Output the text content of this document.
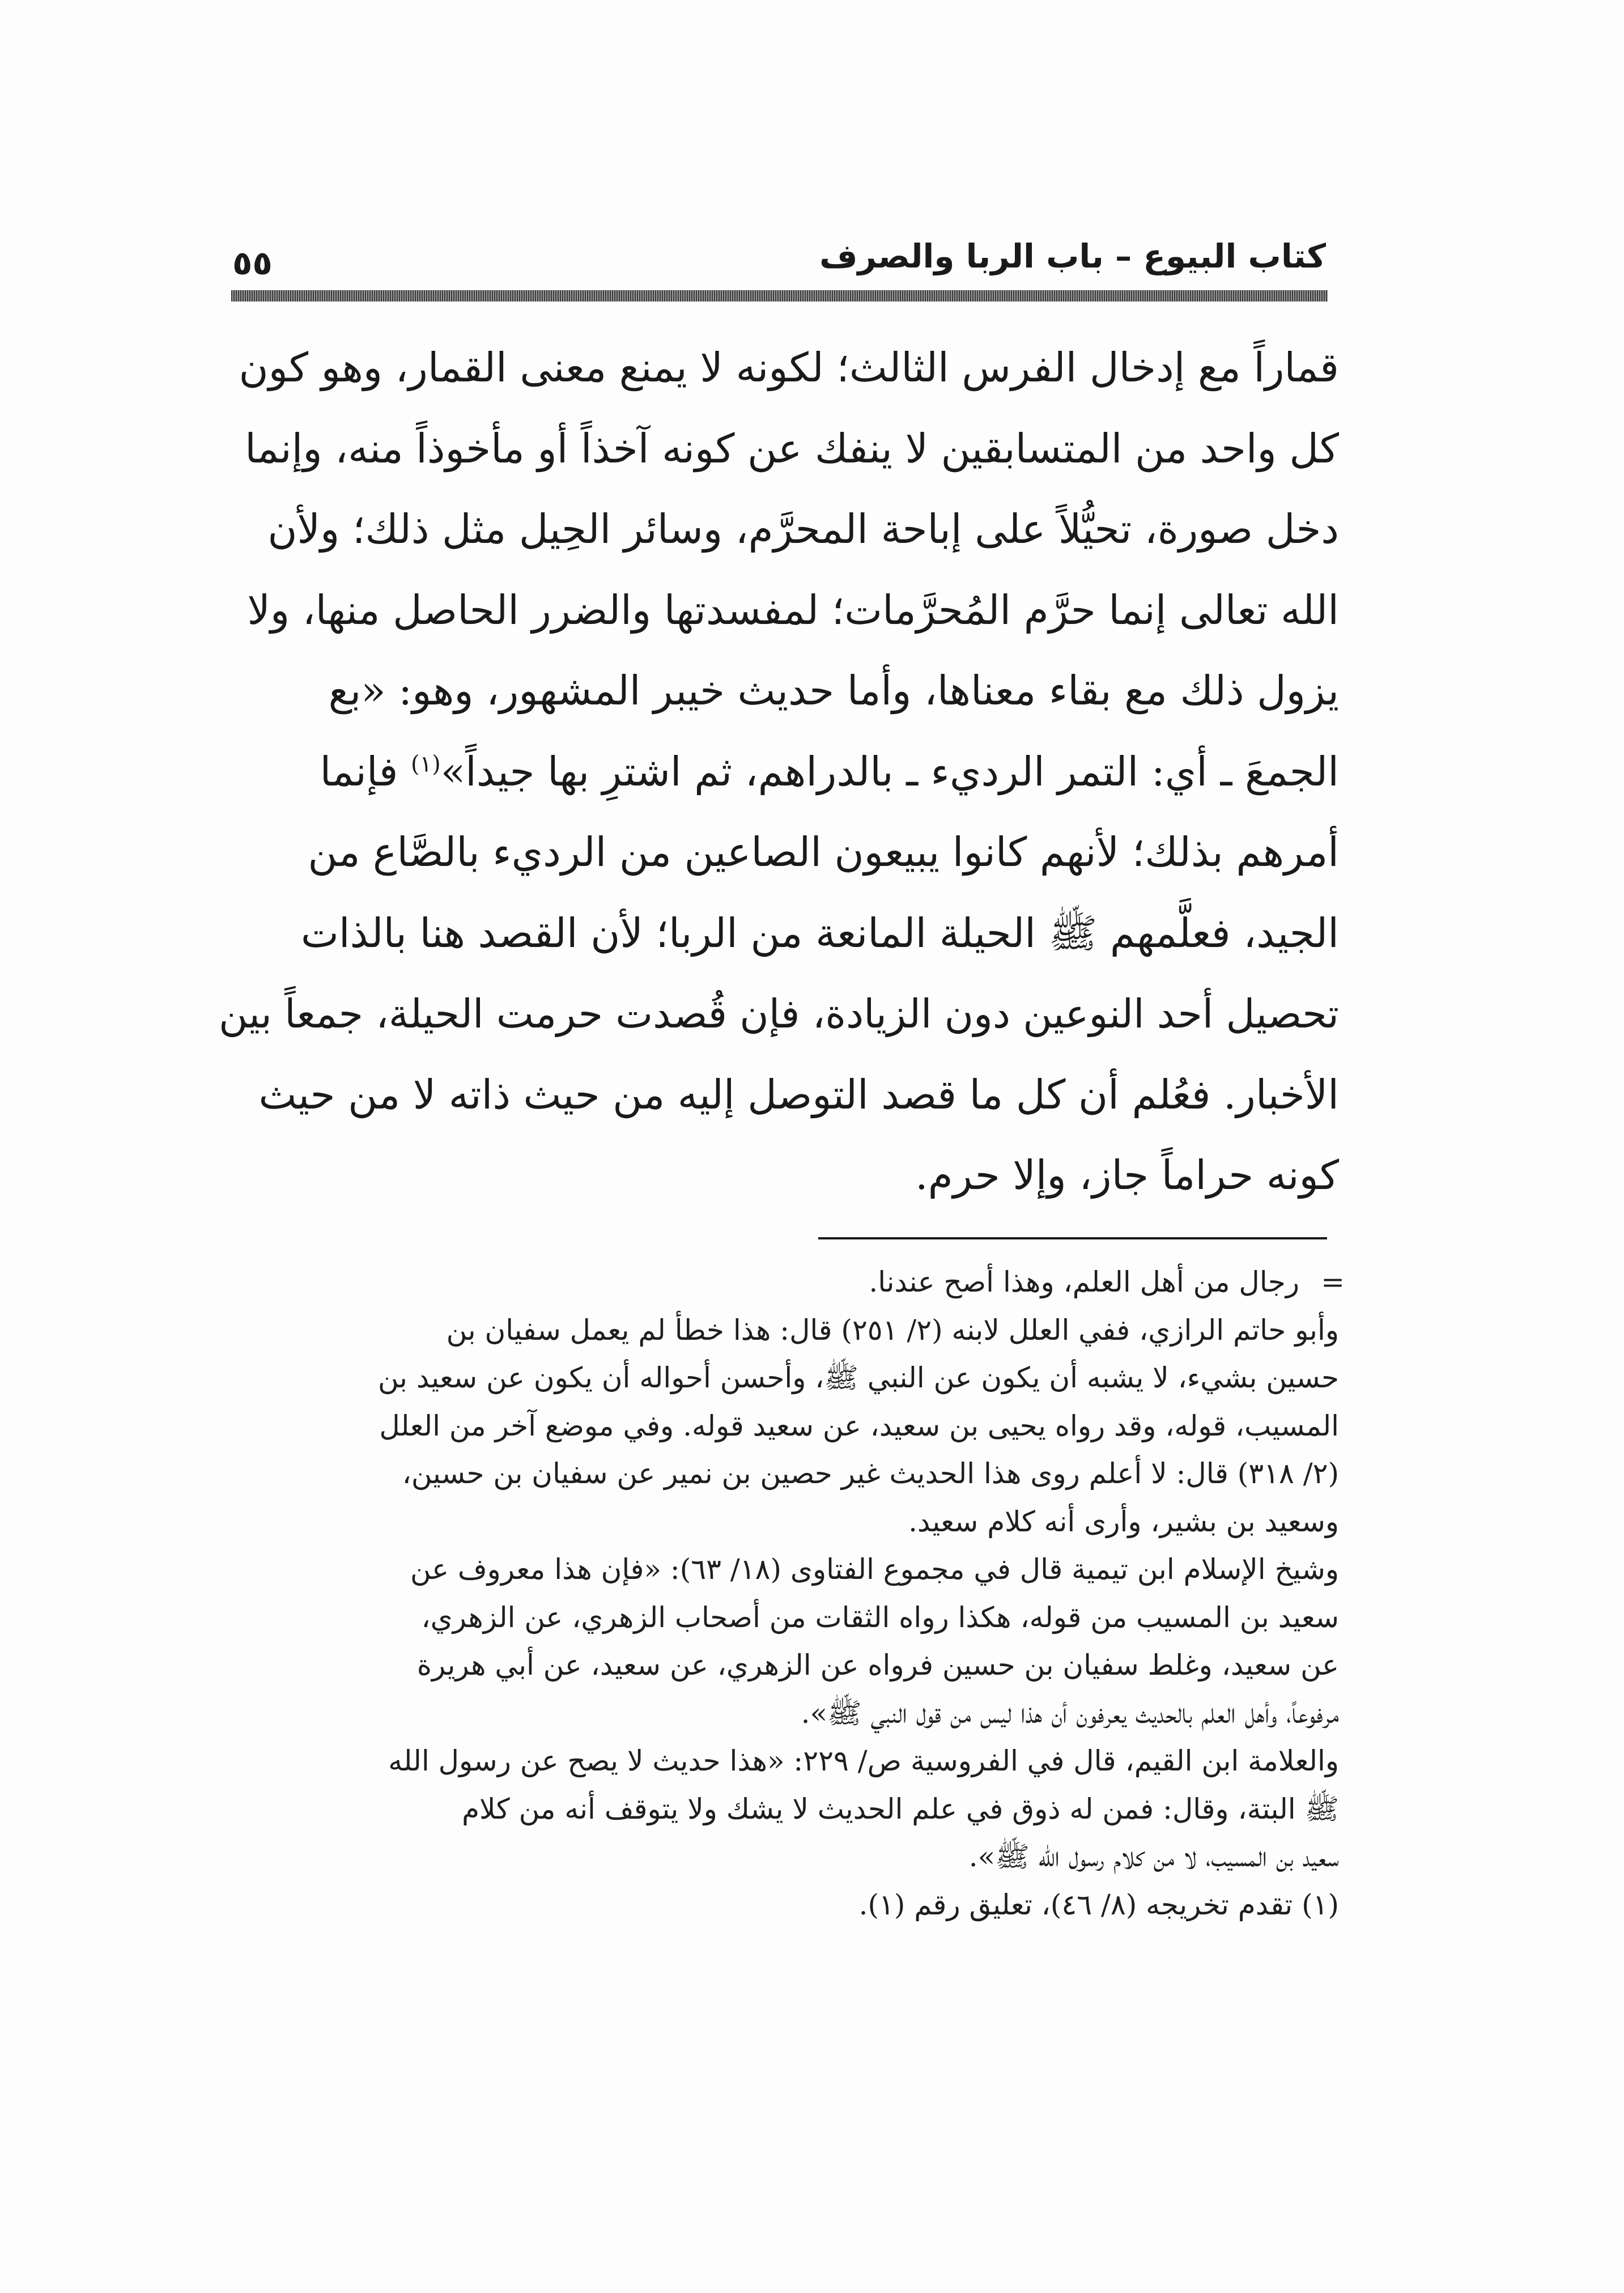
٥٥	كتاب البيوع – باب الربا والصرف
قماراً مع إدخال الفرس الثالث؛ لكونه لا يمنع معنى القمار، وهو كون
كل واحد من المتسابقين لا ينفك عن كونه آخذاً أو مأخوذاً منه، وإنما
دخل صورة، تحيُّلاً على إباحة المحرَّم، وسائر الحِيل مثل ذلك؛ ولأن
الله تعالى إنما حرَّم المُحرَّمات؛ لمفسدتها والضرر الحاصل منها، ولا
يزول ذلك مع بقاء معناها، وأما حديث خيبر المشهور، وهو: «بع
الجمعَ ـ أي: التمر الرديء ـ بالدراهم، ثم اشترِ بها جيداً»$^{(١)}$ فإنما
أمرهم بذلك؛ لأنهم كانوا يبيعون الصاعين من الرديء بالصَّاع من
الجيد، فعلَّمهم ﷺ الحيلة المانعة من الربا؛ لأن القصد هنا بالذات
تحصيل أحد النوعين دون الزيادة، فإن قُصدت حرمت الحيلة، جمعاً بين
الأخبار. فعُلم أن كل ما قصد التوصل إليه من حيث ذاته لا من حيث
كونه حراماً جاز، وإلا حرم.
=
رجال من أهل العلم، وهذا أصح عندنا.
وأبو حاتم الرازي، ففي العلل لابنه (٢/ ٢٥١) قال: هذا خطأ لم يعمل سفيان بن
حسين بشيء، لا يشبه أن يكون عن النبي ﷺ، وأحسن أحواله أن يكون عن سعيد بن
المسيب، قوله، وقد رواه يحيى بن سعيد، عن سعيد قوله. وفي موضع آخر من العلل
(٢/ ٣١٨) قال: لا أعلم روى هذا الحديث غير حصين بن نمير عن سفيان بن حسين،
وسعيد بن بشير، وأرى أنه كلام سعيد.
وشيخ الإسلام ابن تيمية قال في مجموع الفتاوى (١٨/ ٦٣): «فإن هذا معروف عن
سعيد بن المسيب من قوله، هكذا رواه الثقات من أصحاب الزهري، عن الزهري،
عن سعيد، وغلط سفيان بن حسين فرواه عن الزهري، عن سعيد، عن أبي هريرة
مرفوعاً، وأهل العلم بالحديث يعرفون أن هذا ليس من قول النبي ﷺ».
والعلامة ابن القيم، قال في الفروسية ص/ ٢٢٩: «هذا حديث لا يصح عن رسول الله
ﷺ البتة، وقال: فمن له ذوق في علم الحديث لا يشك ولا يتوقف أنه من كلام
سعيد بن المسيب، لا من كلام رسول الله ﷺ».
(١) تقدم تخريجه (٨/ ٤٦)، تعليق رقم (١).
